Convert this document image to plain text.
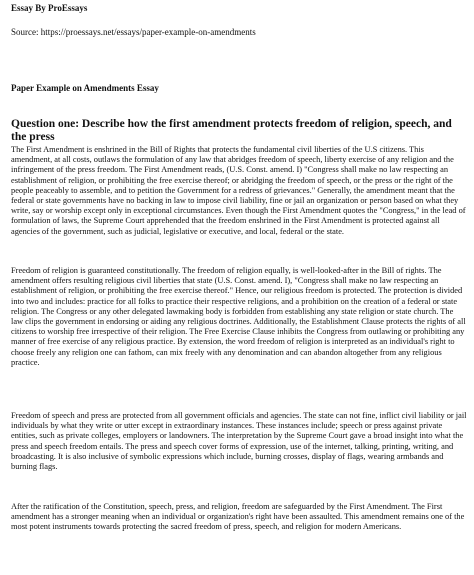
Essay By ProEssays
Source: https://proessays.net/essays/paper-example-on-amendments
Paper Example on Amendments Essay
Question one: Describe how the first amendment protects freedom of religion, speech, and the press

The First Amendment is enshrined in the Bill of Rights that protects the fundamental civil liberties of the U.S citizens. This amendment, at all costs, outlaws the formulation of any law that abridges freedom of speech, liberty exercise of any religion and the infringement of the press freedom. The First Amendment reads, (U.S. Const. amend. I) "Congress shall make no law respecting an establishment of religion, or prohibiting the free exercise thereof; or abridging the freedom of speech, or the press or the right of the people peaceably to assemble, and to petition the Government for a redress of grievances." Generally, the amendment meant that the federal or state governments have no backing in law to impose civil liability, fine or jail an organization or person based on what they write, say or worship except only in exceptional circumstances. Even though the First Amendment quotes the "Congress," in the lead of formulation of laws, the Supreme Court apprehended that the freedom enshrined in the First Amendment is protected against all agencies of the government, such as judicial, legislative or executive, and local, federal or the state.

Freedom of religion is guaranteed constitutionally. The freedom of religion equally, is well-looked-after in the Bill of rights. The amendment offers resulting religious civil liberties that state (U.S. Const. amend. I), "Congress shall make no law respecting an establishment of religion, or prohibiting the free exercise thereof." Hence, our religious freedom is protected. The protection is divided into two and includes: practice for all folks to practice their respective religions, and a prohibition on the creation of a federal or state religion. The Congress or any other delegated lawmaking body is forbidden from establishing any state religion or state church. The law clips the government in endorsing or aiding any religious doctrines. Additionally, the Establishment Clause protects the rights of all citizens to worship free irrespective of their religion. The Free Exercise Clause inhibits the Congress from outlawing or prohibiting any manner of free exercise of any religious practice. By extension, the word freedom of religion is interpreted as an individual's right to choose freely any religion one can fathom, can mix freely with any denomination and can abandon altogether from any religious practice.

Freedom of speech and press are protected from all government officials and agencies. The state can not fine, inflict civil liability or jail individuals by what they write or utter except in extraordinary instances. These instances include; speech or press against private entities, such as private colleges, employers or landowners. The interpretation by the Supreme Court gave a broad insight into what the press and speech freedom entails. The press and speech cover forms of expression, use of the internet, talking, printing, writing, and broadcasting. It is also inclusive of symbolic expressions which include, burning crosses, display of flags, wearing armbands and burning flags.

After the ratification of the Constitution, speech, press, and religion, freedom are safeguarded by the First Amendment. The First amendment has a stronger meaning when an individual or organization's right have been assaulted. This amendment remains one of the most potent instruments towards protecting the sacred freedom of press, speech, and religion for modern Americans.
